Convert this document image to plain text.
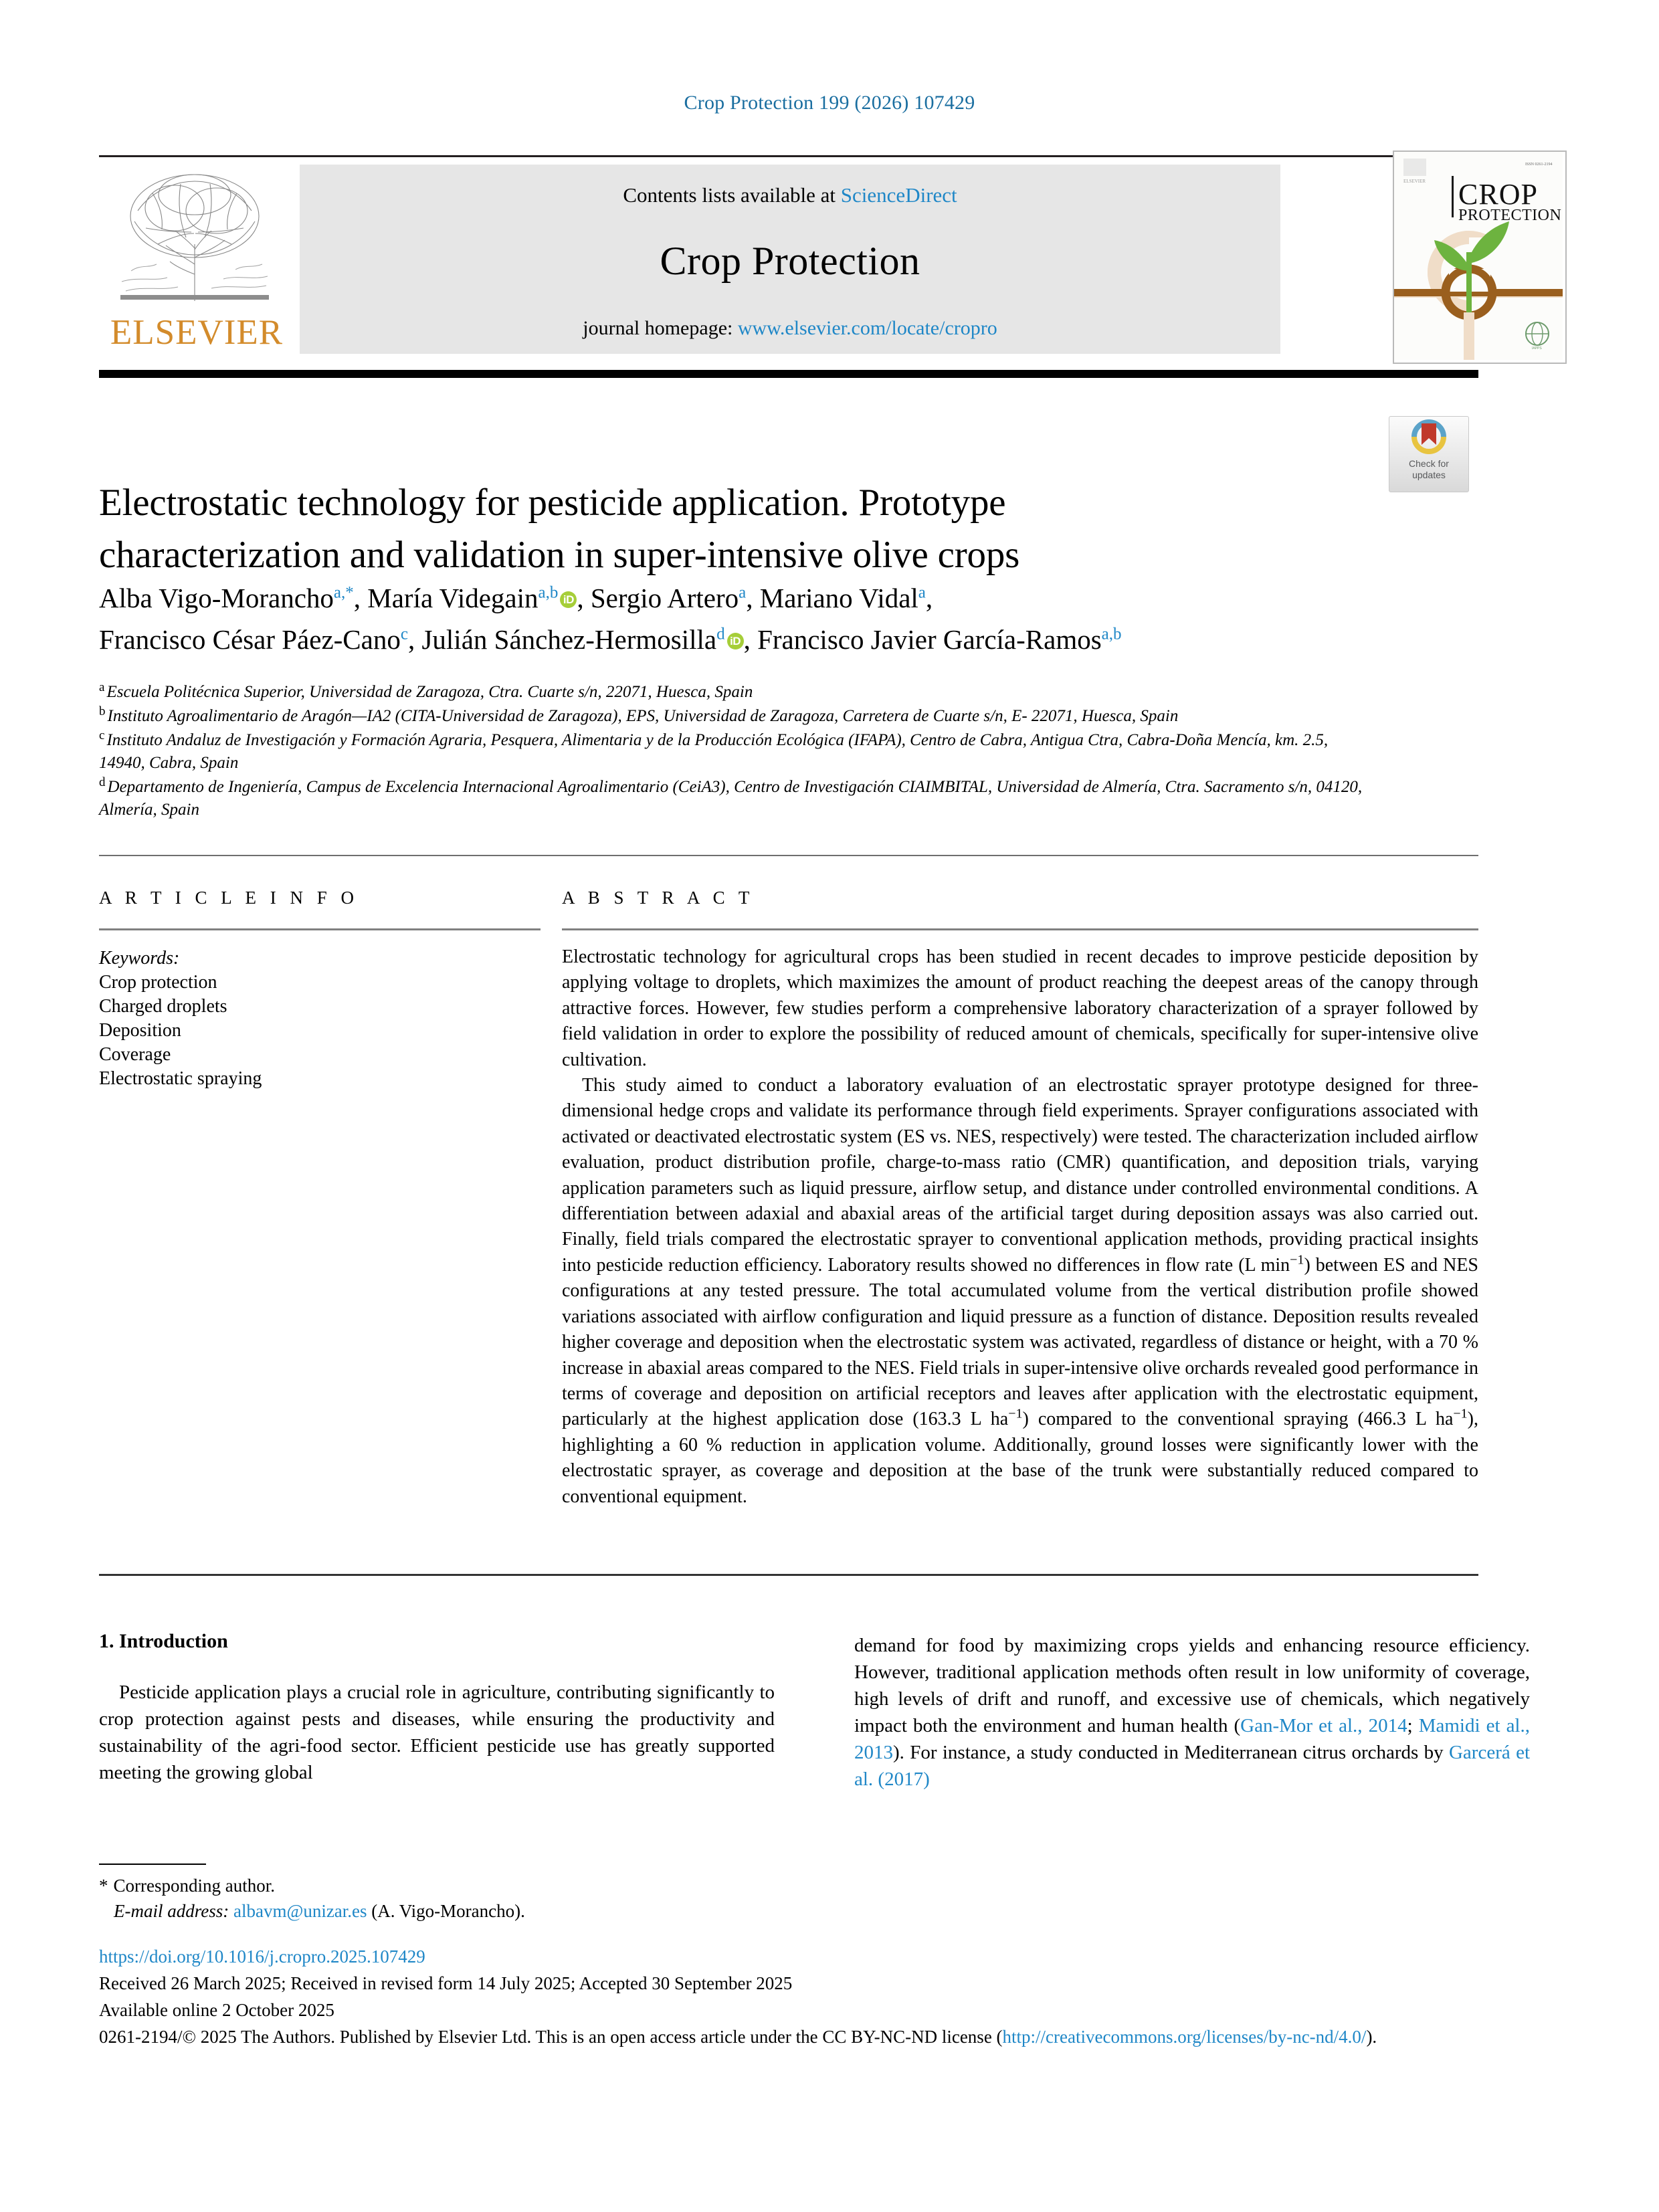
Crop Protection 199 (2026) 107429
ELSEVIER
Contents lists available at ScienceDirect
Crop Protection
journal homepage: www.elsevier.com/locate/cropro
ELSEVIER
ISSN 0261-2194
CROP
PROTECTION
IAPPS
Check for
updates
Electrostatic technology for pesticide application. Prototype characterization and validation in super-intensive olive crops
Alba Vigo-Morancho$^{a,*}$, María Videgain$^{a,b}$ iD , Sergio Artero$^a$, Mariano Vidal$^a$,
Francisco César Páez-Cano$^c$, Julián Sánchez-Hermosilla$^d$ iD , Francisco Javier García-Ramos$^{a,b}$

$^a$ Escuela Politécnica Superior, Universidad de Zaragoza, Ctra. Cuarte s/n, 22071, Huesca, Spain

$^b$ Instituto Agroalimentario de Aragón—IA2 (CITA-Universidad de Zaragoza), EPS, Universidad de Zaragoza, Carretera de Cuarte s/n, E- 22071, Huesca, Spain

$^c$ Instituto Andaluz de Investigación y Formación Agraria, Pesquera, Alimentaria y de la Producción Ecológica (IFAPA), Centro de Cabra, Antigua Ctra, Cabra-Doña Mencía, km. 2.5, 14940, Cabra, Spain

$^d$ Departamento de Ingeniería, Campus de Excelencia Internacional Agroalimentario (CeiA3), Centro de Investigación CIAIMBITAL, Universidad de Almería, Ctra. Sacramento s/n, 04120, Almería, Spain

A R T I C L E I N F O	A B S T R A C T
Keywords:
Crop protection
Charged droplets
Deposition
Coverage
Electrostatic spraying

Electrostatic technology for agricultural crops has been studied in recent decades to improve pesticide deposition by applying voltage to droplets, which maximizes the amount of product reaching the deepest areas of the canopy through attractive forces. However, few studies perform a comprehensive laboratory characterization of a sprayer followed by field validation in order to explore the possibility of reduced amount of chemicals, specifically for super-intensive olive cultivation.

This study aimed to conduct a laboratory evaluation of an electrostatic sprayer prototype designed for three-dimensional hedge crops and validate its performance through field experiments. Sprayer configurations associated with activated or deactivated electrostatic system (ES vs. NES, respectively) were tested. The characterization included airflow evaluation, product distribution profile, charge-to-mass ratio (CMR) quantification, and deposition trials, varying application parameters such as liquid pressure, airflow setup, and distance under controlled environmental conditions. A differentiation between adaxial and abaxial areas of the artificial target during deposition assays was also carried out. Finally, field trials compared the electrostatic sprayer to conventional application methods, providing practical insights into pesticide reduction efficiency. Laboratory results showed no differences in flow rate (L $\min^{-1}$) between ES and NES configurations at any tested pressure. The total accumulated volume from the vertical distribution profile showed variations associated with airflow configuration and liquid pressure as a function of distance. Deposition results revealed higher coverage and deposition when the electrostatic system was activated, regardless of distance or height, with a 70 % increase in abaxial areas compared to the NES. Field trials in super-intensive olive orchards revealed good performance in terms of coverage and deposition on artificial receptors and leaves after application with the electrostatic equipment, particularly at the highest application dose (163.3 L $ha^{-1}$) compared to the conventional spraying (466.3 L $ha^{-1}$), highlighting a 60 % reduction in application volume. Additionally, ground losses were significantly lower with the electrostatic sprayer, as coverage and deposition at the base of the trunk were substantially reduced compared to conventional equipment.

1. Introduction

Pesticide application plays a crucial role in agriculture, contributing significantly to crop protection against pests and diseases, while ensuring the productivity and sustainability of the agri-food sector. Efficient pesticide use has greatly supported meeting the growing global

demand for food by maximizing crops yields and enhancing resource efficiency. However, traditional application methods often result in low uniformity of coverage, high levels of drift and runoff, and excessive use of chemicals, which negatively impact both the environment and human health (Gan-Mor et al., 2014; Mamidi et al., 2013). For instance, a study conducted in Mediterranean citrus orchards by Garcerá et al. (2017)

* Corresponding author.
E-mail address: albavm@unizar.es (A. Vigo-Morancho).

https://doi.org/10.1016/j.cropro.2025.107429

Received 26 March 2025; Received in revised form 14 July 2025; Accepted 30 September 2025

Available online 2 October 2025

0261-2194/© 2025 The Authors. Published by Elsevier Ltd. This is an open access article under the CC BY-NC-ND license (http://creativecommons.org/licenses/by-nc-nd/4.0/).
